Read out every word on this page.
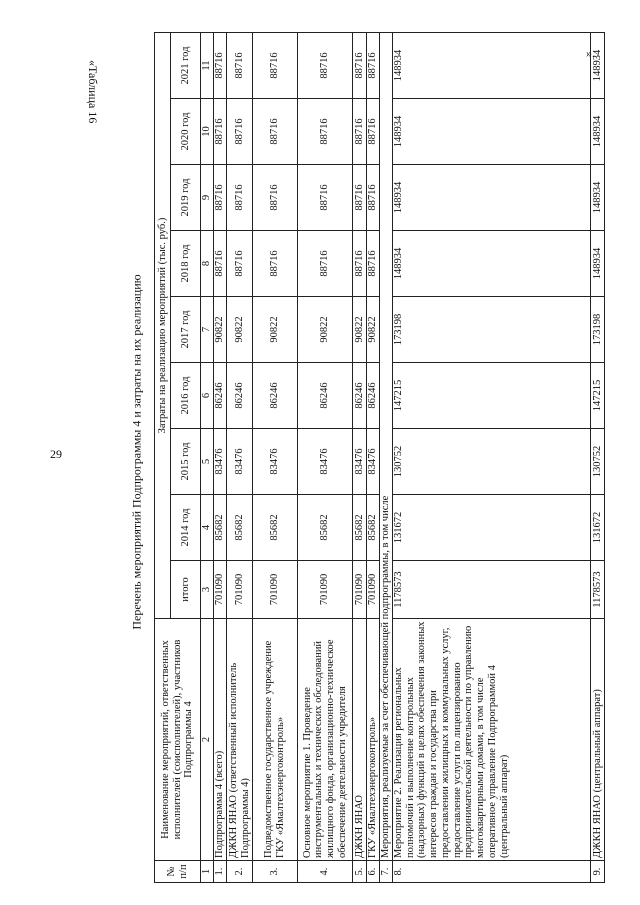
29
«Таблица 16
Перечень мероприятий Подпрограммы 4 и затраты на их реализацию
».
№ п/п	Наименование мероприятий, ответственных исполнителей (соисполнителей), участников Подпрограммы 4	Затраты на реализацию мероприятий (тыс. руб.)								
		итого	2014 год	2015 год	2016 год	2017 год	2018 год	2019 год	2020 год	2021 год
1	2	3	4	5	6	7	8	9	10	11
1.	Подпрограмма 4 (всего)	701090	85682	83476	86246	90822	88716	88716	88716	88716
2.	ДЖКН ЯНАО (ответственный исполнитель Подпрограммы 4)	701090	85682	83476	86246	90822	88716	88716	88716	88716
3.	Подведомственное государственное учреждение ГКУ «Ямалтехэнергоконтроль»	701090	85682	83476	86246	90822	88716	88716	88716	88716
4.	Основное мероприятие 1. Проведение инструментальных и технических обследований жилищного фонда, организационно-техническое обеспечение деятельности учредителя	701090	85682	83476	86246	90822	88716	88716	88716	88716
5.	ДЖКН ЯНАО	701090	85682	83476	86246	90822	88716	88716	88716	88716
6.	ГКУ «Ямалтехэнергоконтроль»	701090	85682	83476	86246	90822	88716	88716	88716	88716
7.	Мероприятия, реализуемые за счет обеспечивающей подпрограммы, в том числе									
8.	Мероприятие 2. Реализация региональных полномочий и выполнение контрольных (надзорных) функций в целях обеспечения законных интересов граждан и государства при предоставлении жилищных и коммунальных услуг, предоставление услуги по лицензированию предпринимательской деятельности по управлению многоквартирными домами, в том числе оперативное управление Подпрограммой 4 (центральный аппарат)	1178573	131672	130752	147215	173198	148934	148934	148934	148934
9.	ДЖКН ЯНАО (центральный аппарат)	1178573	131672	130752	147215	173198	148934	148934	148934	148934
